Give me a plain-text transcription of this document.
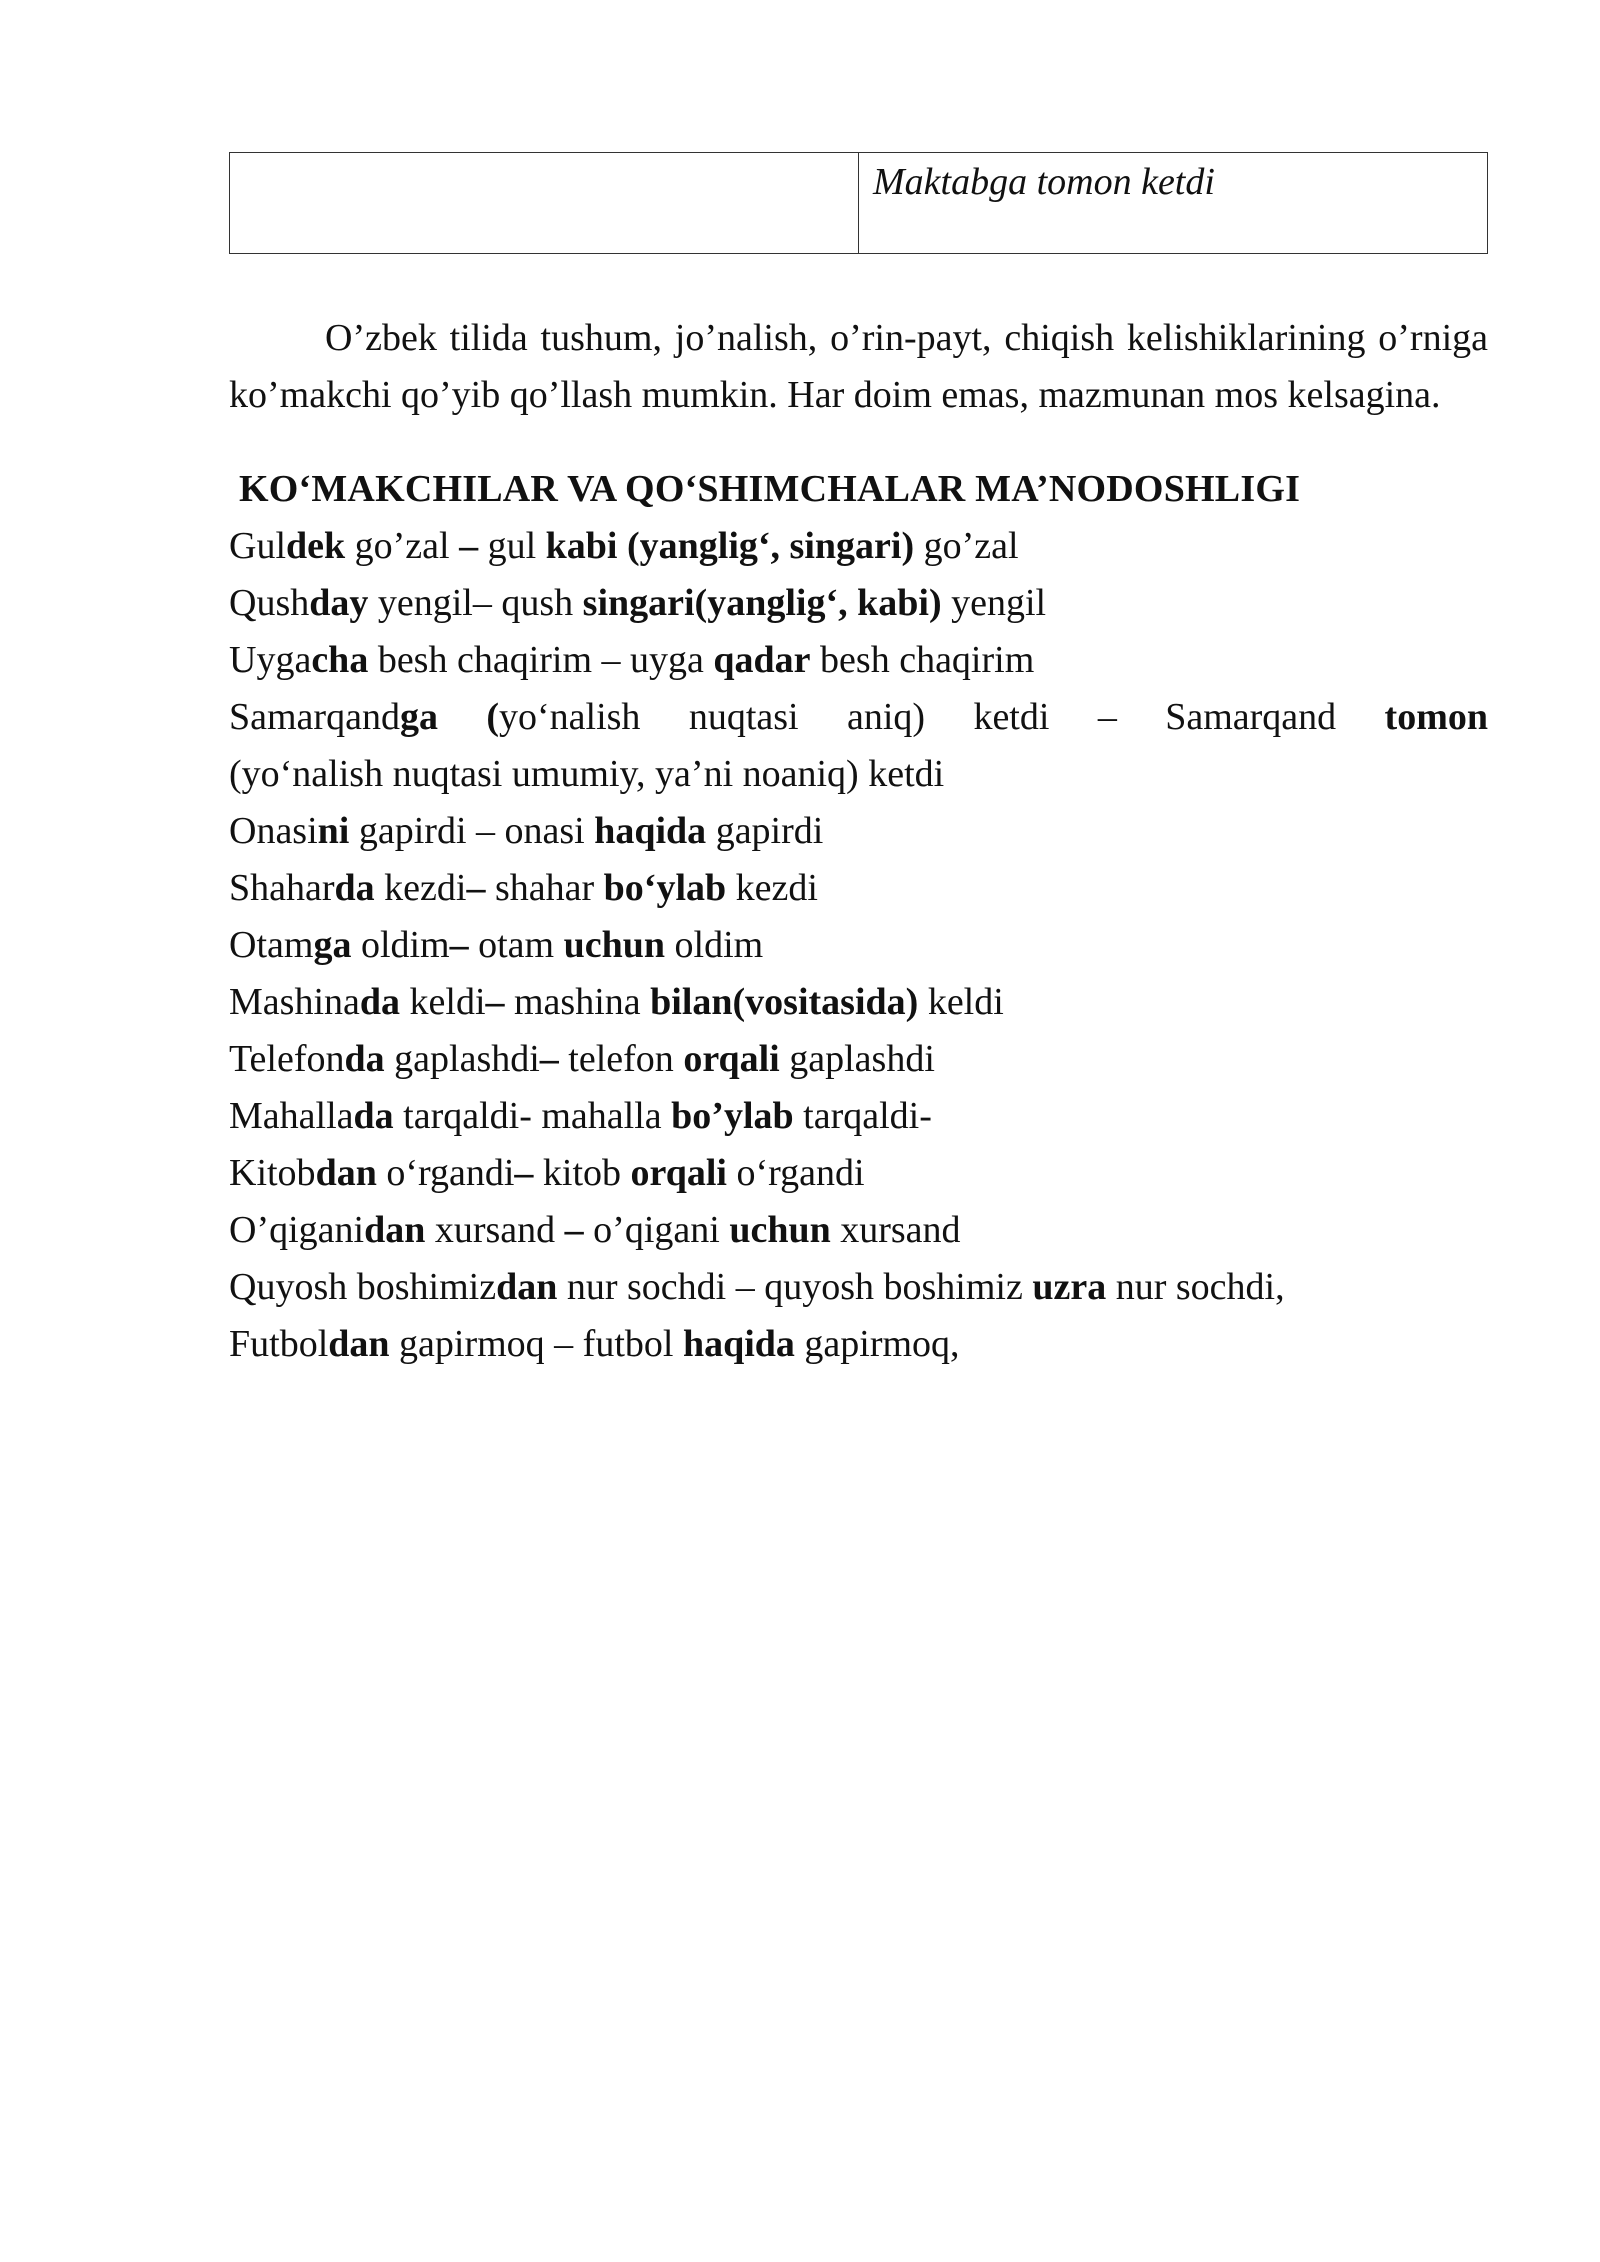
	Maktabga tomon ketdi

O’zbek tilida tushum, jo’nalish, o’rin-payt, chiqish kelishiklarining o’rniga ko’makchi qo’yib qo’llash mumkin. Har doim emas, mazmunan mos kelsagina.

KO‘MAKCHILAR VA QO‘SHIMCHALAR MA’NODOSHLIGI

Guldek go’zal – gul kabi (yanglig‘, singari) go’zal

Qushday yengil– qush singari(yanglig‘, kabi) yengil

Uygacha besh chaqirim – uyga qadar besh chaqirim

Samarqandga (yo‘nalish nuqtasi aniq) ketdi – Samarqand tomon

(yo‘nalish nuqtasi umumiy, ya’ni noaniq) ketdi

Onasini gapirdi – onasi haqida gapirdi

Shaharda kezdi– shahar bo‘ylab kezdi

Otamga oldim– otam uchun oldim

Mashinada keldi– mashina bilan(vositasida) keldi

Telefonda gaplashdi– telefon orqali gaplashdi

Mahallada tarqaldi- mahalla bo’ylab tarqaldi-

Kitobdan o‘rgandi– kitob orqali o‘rgandi

O’qiganidan xursand – o’qigani uchun xursand

Quyosh boshimizdan nur sochdi – quyosh boshimiz uzra nur sochdi,

Futboldan gapirmoq – futbol haqida gapirmoq,
